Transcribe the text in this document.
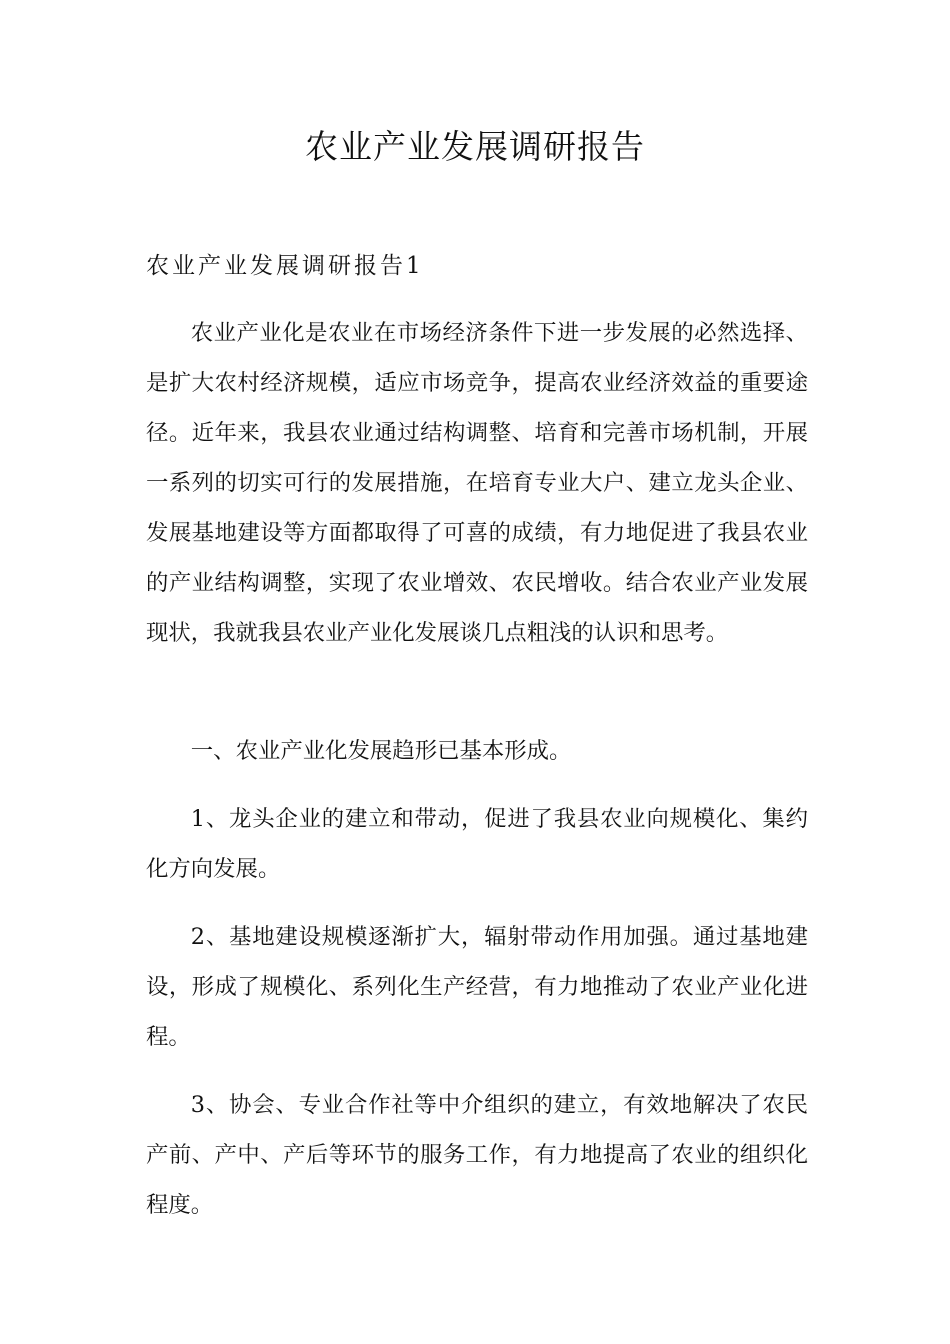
农业产业发展调研报告
农业产业发展调研报告1

农业产业化是农业在市场经济条件下进一步发展的必然选择、是扩大农村经济规模，适应市场竞争，提高农业经济效益的重要途径。近年来，我县农业通过结构调整、培育和完善市场机制，开展一系列的切实可行的发展措施，在培育专业大户、建立龙头企业、发展基地建设等方面都取得了可喜的成绩，有力地促进了我县农业的产业结构调整，实现了农业增效、农民增收。结合农业产业发展现状，我就我县农业产业化发展谈几点粗浅的认识和思考。

一、农业产业化发展趋形已基本形成。

1、龙头企业的建立和带动，促进了我县农业向规模化、集约化方向发展。

2、基地建设规模逐渐扩大，辐射带动作用加强。通过基地建设，形成了规模化、系列化生产经营，有力地推动了农业产业化进程。

3、协会、专业合作社等中介组织的建立，有效地解决了农民产前、产中、产后等环节的服务工作，有力地提高了农业的组织化程度。
